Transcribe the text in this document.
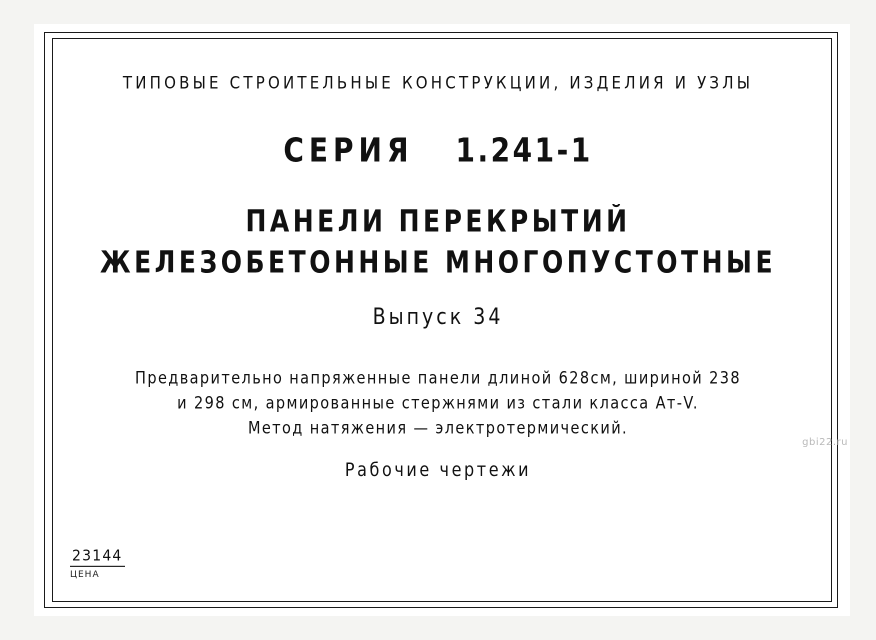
ТИПОВЫЕ СТРОИТЕЛЬНЫЕ КОНСТРУКЦИИ, ИЗДЕЛИЯ И УЗЛЫ
СЕРИЯ 1.241-1
ПАНЕЛИ ПЕРЕКРЫТИЙ
ЖЕЛЕЗОБЕТОННЫЕ МНОГОПУСТОТНЫЕ
Выпуск 34
Предварительно напряженные панели длиной 628см, шириной 238
и 298 см, армированные стержнями из стали класса Ат-V.
Метод натяжения — электротермический.
Рабочие чертежи
23144
ЦЕНА
gbi22.ru
